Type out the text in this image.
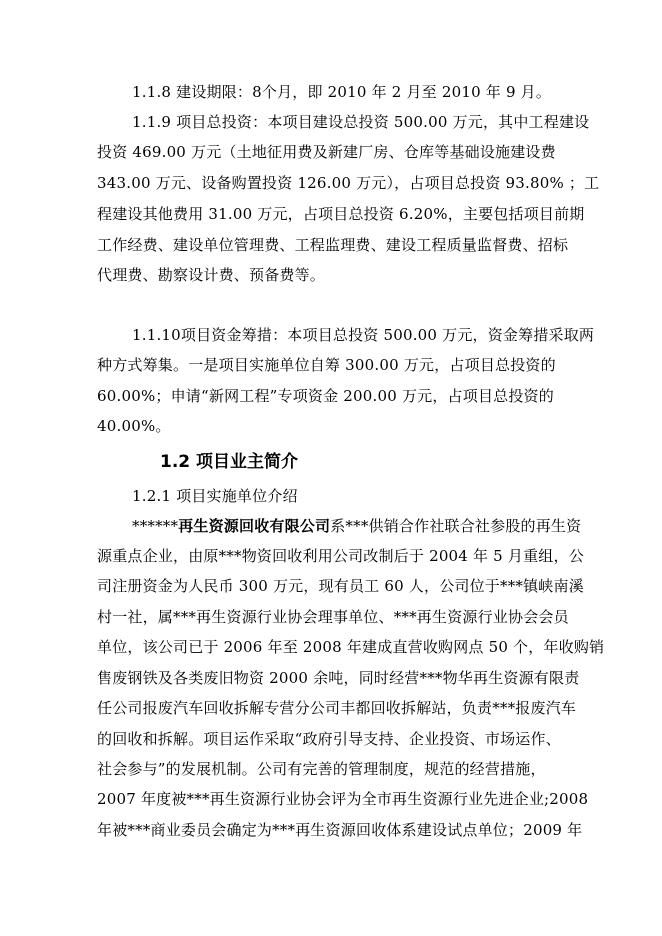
1.1.8 建设期限：8个月，即 2010 年 2 月至 2010 年 9 月。
1.1.9 项目总投资：本项目建设总投资 500.00 万元，其中工程建设
投资 469.00 万元（土地征用费及新建厂房、仓库等基础设施建设费
343.00 万元、设备购置投资 126.00 万元），占项目总投资 93.80% ；工
程建设其他费用 31.00 万元，占项目总投资 6.20%，主要包括项目前期
工作经费、建设单位管理费、工程监理费、建设工程质量监督费、招标
代理费、勘察设计费、预备费等。
1.1.10项目资金筹措：本项目总投资 500.00 万元，资金筹措采取两
种方式筹集。一是项目实施单位自筹 300.00 万元，占项目总投资的
60.00%；申请“新网工程”专项资金 200.00 万元，占项目总投资的
40.00%。
1.2 项目业主简介
1.2.1 项目实施单位介绍
******再生资源回收有限公司系***供销合作社联合社参股的再生资
源重点企业，由原***物资回收利用公司改制后于 2004 年 5 月重组，公
司注册资金为人民币 300 万元，现有员工 60 人，公司位于***镇峡南溪
村一社，属***再生资源行业协会理事单位、***再生资源行业协会会员
单位，该公司已于 2006 年至 2008 年建成直营收购网点 50 个，年收购销
售废钢铁及各类废旧物资 2000 余吨，同时经营***物华再生资源有限责
任公司报废汽车回收拆解专营分公司丰都回收拆解站，负责***报废汽车
的回收和拆解。项目运作采取“政府引导支持、企业投资、市场运作、
社会参与”的发展机制。公司有完善的管理制度，规范的经营措施，
2007 年度被***再生资源行业协会评为全市再生资源行业先进企业;2008
年被***商业委员会确定为***再生资源回收体系建设试点单位；2009 年
